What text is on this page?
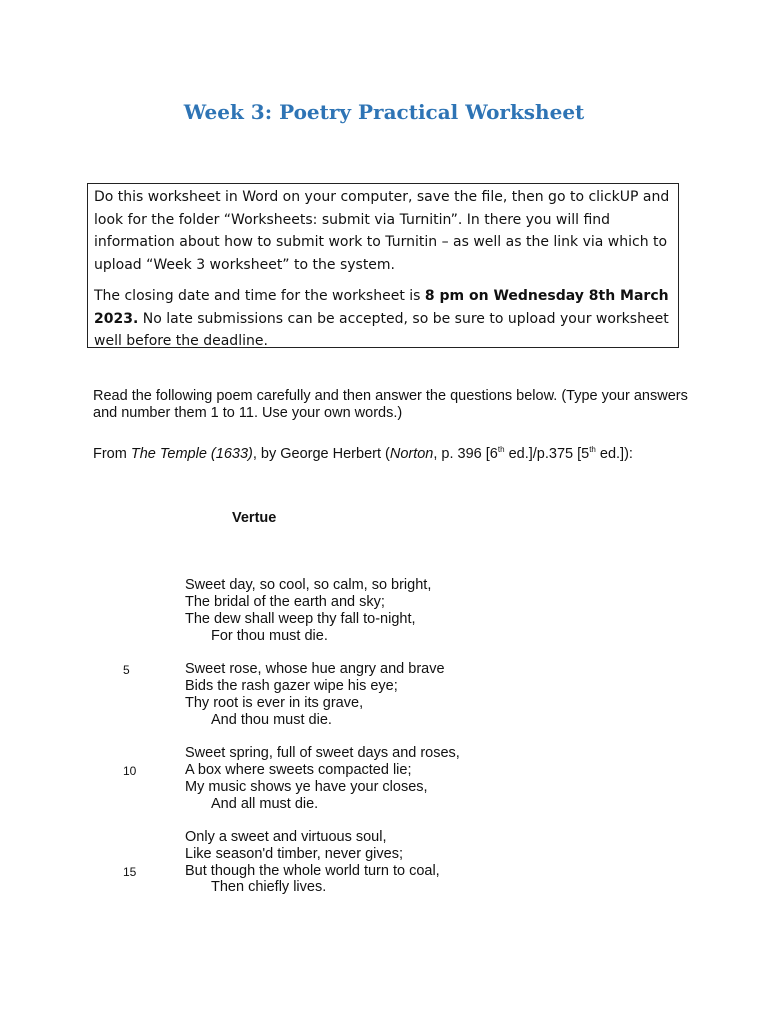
Week 3: Poetry Practical Worksheet

Do this worksheet in Word on your computer, save the file, then go to clickUP and look for the folder “Worksheets: submit via Turnitin”. In there you will find information about how to submit work to Turnitin – as well as the link via which to upload “Week 3 worksheet” to the system.

The closing date and time for the worksheet is 8 pm on Wednesday 8th March 2023. No late submissions can be accepted, so be sure to upload your worksheet well before the deadline.

Read the following poem carefully and then answer the questions below. (Type your answers and number them 1 to 11. Use your own words.)

From The Temple (1633), by George Herbert (Norton, p. 396 [6th ed.]/p.375 [5th ed.]):

Vertue

Sweet day, so cool, so calm, so bright,

The bridal of the earth and sky;

The dew shall weep thy fall to-night,

For thou must die.

5	Sweet rose, whose hue angry and brave

Bids the rash gazer wipe his eye;

Thy root is ever in its grave,

And thou must die.

Sweet spring, full of sweet days and roses,

10	A box where sweets compacted lie;

My music shows ye have your closes,

And all must die.

Only a sweet and virtuous soul,

Like season'd timber, never gives;

15	But though the whole world turn to coal,

Then chiefly lives.
